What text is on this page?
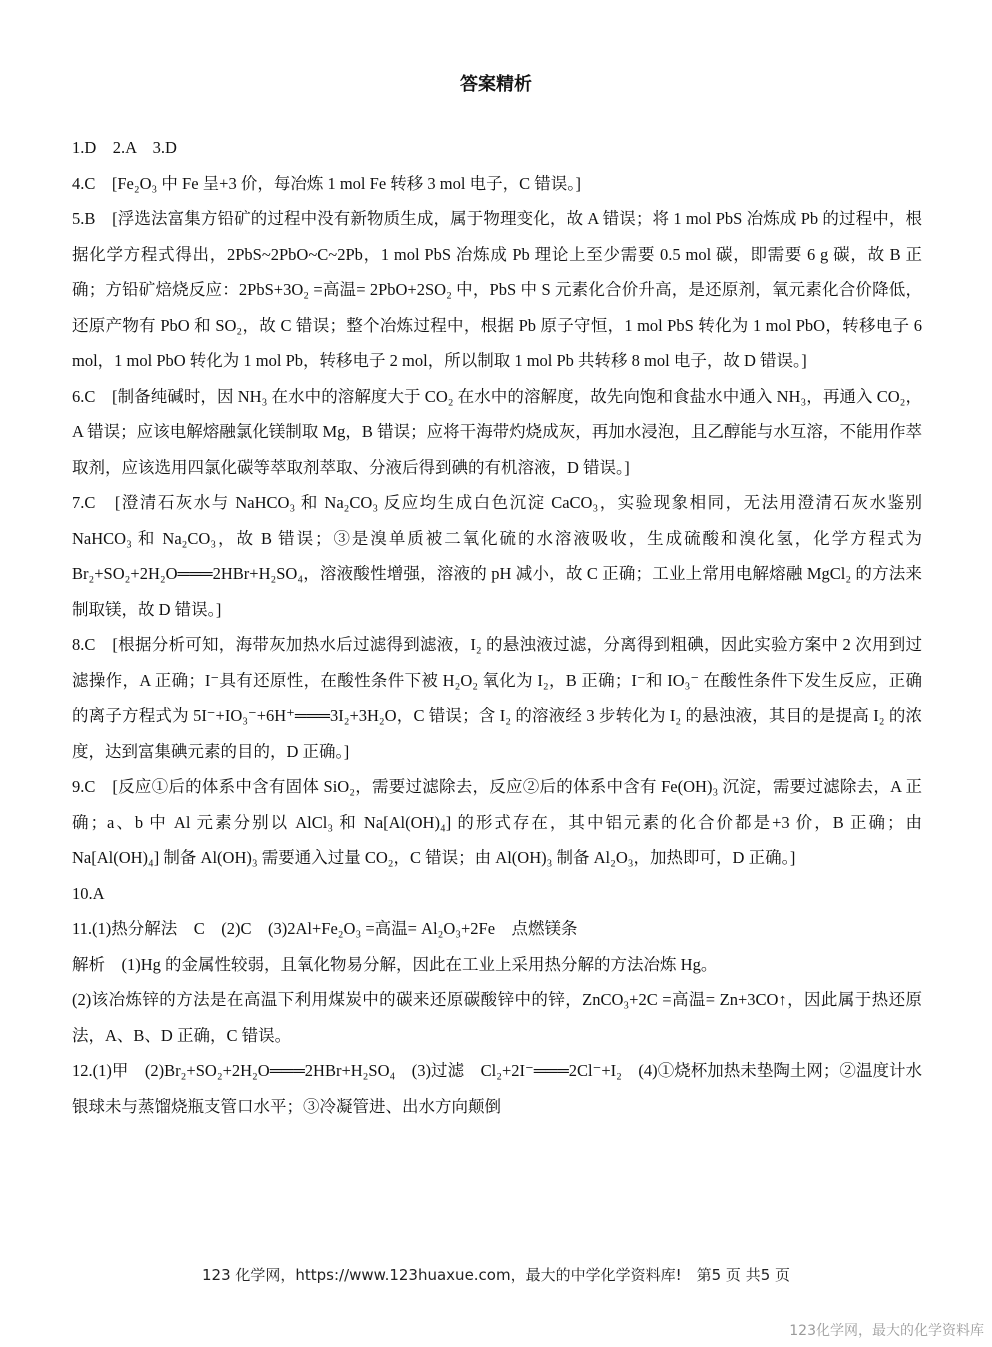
答案精析

1.D　2.A　3.D

4.C　[Fe₂O₃ 中 Fe 呈+3 价，每冶炼 1 mol Fe 转移 3 mol 电子，C 错误。]

5.B　[浮选法富集方铅矿的过程中没有新物质生成，属于物理变化，故 A 错误；将 1 mol PbS 冶炼成 Pb 的过程中，根据化学方程式得出，2PbS~2PbO~C~2Pb，1 mol PbS 冶炼成 Pb 理论上至少需要 0.5 mol 碳，即需要 6 g 碳，故 B 正确；方铅矿焙烧反应：2PbS+3O₂ =高温= 2PbO+2SO₂ 中，PbS 中 S 元素化合价升高，是还原剂，氧元素化合价降低，还原产物有 PbO 和 SO₂，故 C 错误；整个冶炼过程中，根据 Pb 原子守恒，1 mol PbS 转化为 1 mol PbO，转移电子 6 mol，1 mol PbO 转化为 1 mol Pb，转移电子 2 mol，所以制取 1 mol Pb 共转移 8 mol 电子，故 D 错误。]

6.C　[制备纯碱时，因 NH₃ 在水中的溶解度大于 CO₂ 在水中的溶解度，故先向饱和食盐水中通入 NH₃，再通入 CO₂，A 错误；应该电解熔融氯化镁制取 Mg，B 错误；应将干海带灼烧成灰，再加水浸泡，且乙醇能与水互溶，不能用作萃取剂，应该选用四氯化碳等萃取剂萃取、分液后得到碘的有机溶液，D 错误。]

7.C　[澄清石灰水与 NaHCO₃ 和 Na₂CO₃ 反应均生成白色沉淀 CaCO₃，实验现象相同，无法用澄清石灰水鉴别 NaHCO₃ 和 Na₂CO₃，故 B 错误；③是溴单质被二氧化硫的水溶液吸收，生成硫酸和溴化氢，化学方程式为 Br₂+SO₂+2H₂O═══2HBr+H₂SO₄，溶液酸性增强，溶液的 pH 减小，故 C 正确；工业上常用电解熔融 MgCl₂ 的方法来制取镁，故 D 错误。]

8.C　[根据分析可知，海带灰加热水后过滤得到滤液，I₂ 的悬浊液过滤，分离得到粗碘，因此实验方案中 2 次用到过滤操作，A 正确；I⁻具有还原性，在酸性条件下被 H₂O₂ 氧化为 I₂，B 正确；I⁻和 IO₃⁻ 在酸性条件下发生反应，正确的离子方程式为 5I⁻+IO₃⁻+6H⁺═══3I₂+3H₂O，C 错误；含 I₂ 的溶液经 3 步转化为 I₂ 的悬浊液，其目的是提高 I₂ 的浓度，达到富集碘元素的目的，D 正确。]

9.C　[反应①后的体系中含有固体 SiO₂，需要过滤除去，反应②后的体系中含有 Fe(OH)₃ 沉淀，需要过滤除去，A 正确；a、b 中 Al 元素分别以 AlCl₃ 和 Na[Al(OH)₄] 的形式存在，其中铝元素的化合价都是+3 价，B 正确；由 Na[Al(OH)₄] 制备 Al(OH)₃ 需要通入过量 CO₂，C 错误；由 Al(OH)₃ 制备 Al₂O₃，加热即可，D 正确。]

10.A

11.(1)热分解法　C　(2)C　(3)2Al+Fe₂O₃ =高温= Al₂O₃+2Fe　点燃镁条

解析　(1)Hg 的金属性较弱，且氧化物易分解，因此在工业上采用热分解的方法冶炼 Hg。

(2)该冶炼锌的方法是在高温下利用煤炭中的碳来还原碳酸锌中的锌，ZnCO₃+2C =高温= Zn+3CO↑，因此属于热还原法，A、B、D 正确，C 错误。

12.(1)甲　(2)Br₂+SO₂+2H₂O═══2HBr+H₂SO₄　(3)过滤　Cl₂+2I⁻═══2Cl⁻+I₂　(4)①烧杯加热未垫陶土网；②温度计水银球未与蒸馏烧瓶支管口水平；③冷凝管进、出水方向颠倒

123 化学网，https://www.123huaxue.com，最大的中学化学资料库!　第5 页 共5 页
123化学网，最大的化学资料库
